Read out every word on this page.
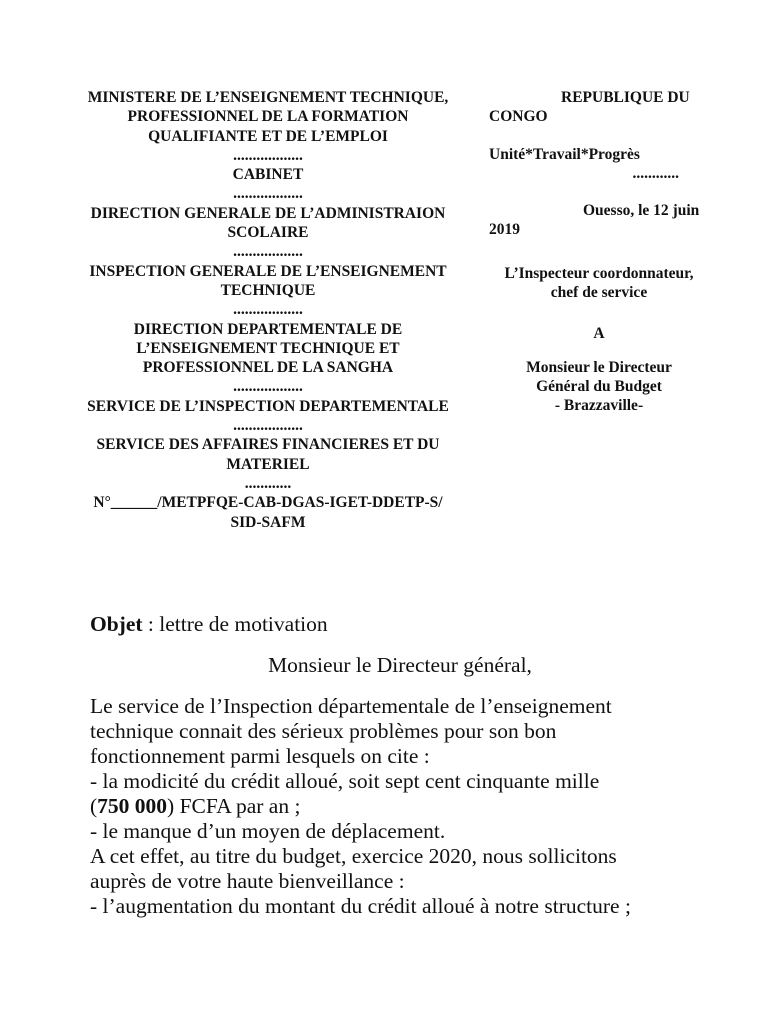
MINISTERE DE L’ENSEIGNEMENT TECHNIQUE,
PROFESSIONNEL DE LA FORMATION
QUALIFIANTE ET DE L’EMPLOI
..................
CABINET
..................
DIRECTION GENERALE DE L’ADMINISTRAION
SCOLAIRE
..................
INSPECTION GENERALE DE L’ENSEIGNEMENT
TECHNIQUE
..................
DIRECTION DEPARTEMENTALE DE
L’ENSEIGNEMENT TECHNIQUE ET
PROFESSIONNEL DE LA SANGHA
..................
SERVICE DE L’INSPECTION DEPARTEMENTALE
..................
SERVICE DES AFFAIRES FINANCIERES ET DU
MATERIEL
............
N°______/METPFQE-CAB-DGAS-IGET-DDETP-S/
SID-SAFM
REPUBLIQUE DU CONGO
Unité*Travail*Progrès
............
Ouesso, le 12 juin 2019
L’Inspecteur coordonnateur, chef de service
A
Monsieur le Directeur
Général du Budget
- Brazzaville-
Objet : lettre de motivation
Monsieur le Directeur général,
Le service de l’Inspection départementale de l’enseignement
technique connait des sérieux problèmes pour son bon
fonctionnement parmi lesquels on cite :
- la modicité du crédit alloué, soit sept cent cinquante mille
(750 000) FCFA par an ;
- le manque d’un moyen de déplacement.
A cet effet, au titre du budget, exercice 2020, nous sollicitons
auprès de votre haute bienveillance :
- l’augmentation du montant du crédit alloué à notre structure ;
